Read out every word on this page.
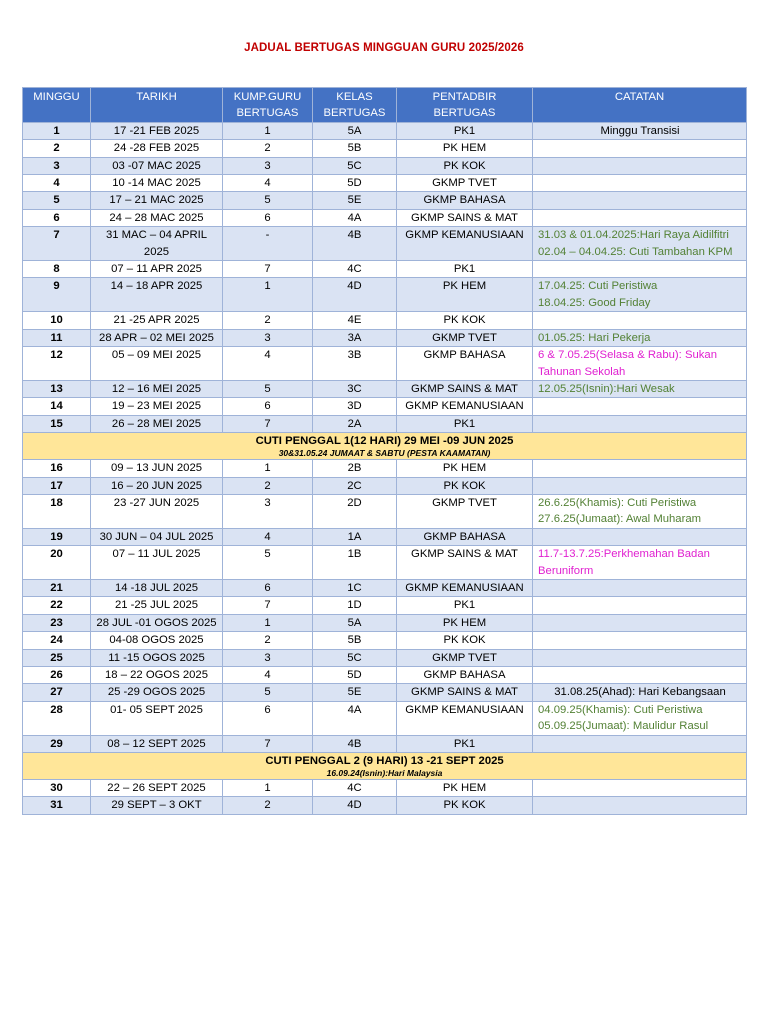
JADUAL BERTUGAS MINGGUAN GURU 2025/2026
MINGGU	TARIKH	KUMP.GURU BERTUGAS	KELAS BERTUGAS	PENTADBIR BERTUGAS	CATATAN
1	17 -21 FEB 2025	1	5A	PK1	Minggu Transisi

2	24 -28 FEB 2025	2	5B	PK HEM	
3	03 -07 MAC 2025	3	5C	PK KOK	
4	10 -14 MAC 2025	4	5D	GKMP TVET	
5	17 – 21 MAC 2025	5	5E	GKMP BAHASA	
6	24 – 28 MAC 2025	6	4A	GKMP SAINS & MAT	
7	31 MAC – 04 APRIL 2025	-	4B	GKMP KEMANUSIAAN	31.03 & 01.04.2025:Hari Raya Aidilfitri
02.04 – 04.04.25: Cuti Tambahan KPM

8	07 – 11 APR 2025	7	4C	PK1	
9	14 – 18 APR 2025	1	4D	PK HEM	17.04.25: Cuti Peristiwa
18.04.25: Good Friday

10	21 -25 APR 2025	2	4E	PK KOK	
11	28 APR – 02 MEI 2025	3	3A	GKMP TVET	01.05.25: Hari Pekerja

12	05 – 09 MEI 2025	4	3B	GKMP BAHASA	6 & 7.05.25(Selasa & Rabu): Sukan Tahunan Sekolah

13	12 – 16 MEI 2025	5	3C	GKMP SAINS & MAT	12.05.25(Isnin):Hari Wesak

14	19 – 23 MEI 2025	6	3D	GKMP KEMANUSIAAN	
15	26 – 28 MEI 2025	7	2A	PK1	

CUTI PENGGAL 1(12 HARI) 29 MEI -09 JUN 2025
30&31.05.24 JUMAAT & SABTU (PESTA KAAMATAN)					

16	09 – 13 JUN 2025	1	2B	PK HEM	
17	16 – 20 JUN 2025	2	2C	PK KOK	
18	23 -27 JUN 2025	3	2D	GKMP TVET	26.6.25(Khamis): Cuti Peristiwa
27.6.25(Jumaat): Awal Muharam

19	30 JUN – 04 JUL 2025	4	1A	GKMP BAHASA	
20	07 – 11 JUL 2025	5	1B	GKMP SAINS & MAT	11.7-13.7.25:Perkhemahan Badan Beruniform

21	14 -18 JUL 2025	6	1C	GKMP KEMANUSIAAN	
22	21 -25 JUL 2025	7	1D	PK1	
23	28 JUL -01 OGOS 2025	1	5A	PK HEM	
24	04-08 OGOS 2025	2	5B	PK KOK	
25	11 -15 OGOS 2025	3	5C	GKMP TVET	
26	18 – 22 OGOS 2025	4	5D	GKMP BAHASA	
27	25 -29 OGOS 2025	5	5E	GKMP SAINS & MAT	31.08.25(Ahad): Hari Kebangsaan

28	01- 05 SEPT 2025	6	4A	GKMP KEMANUSIAAN	04.09.25(Khamis): Cuti Peristiwa
05.09.25(Jumaat): Maulidur Rasul

29	08 – 12 SEPT 2025	7	4B	PK1	

CUTI PENGGAL 2 (9 HARI) 13 -21 SEPT 2025
16.09.24(Isnin):Hari Malaysia					

30	22 – 26 SEPT 2025	1	4C	PK HEM	
31	29 SEPT – 3 OKT	2	4D	PK KOK	
